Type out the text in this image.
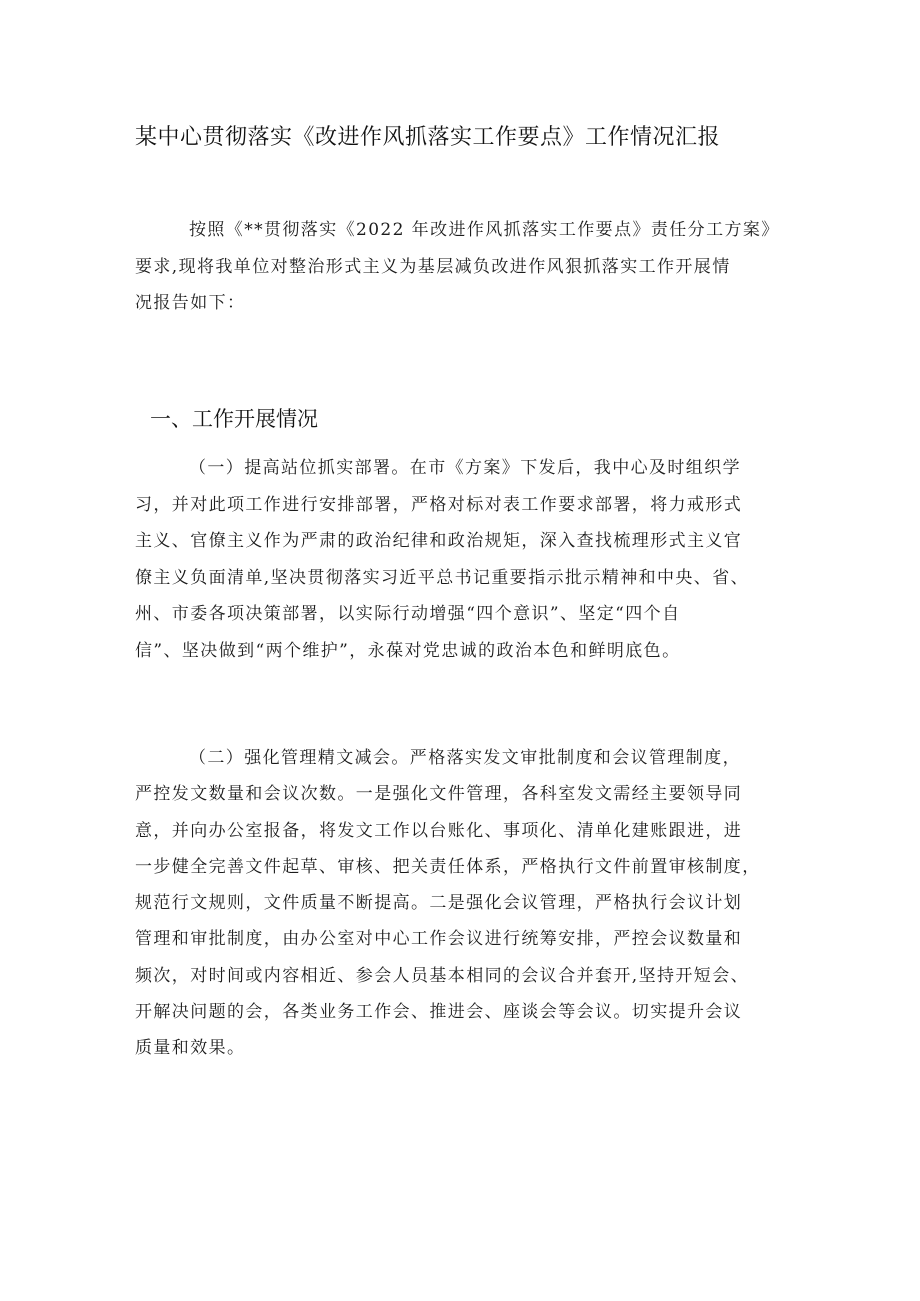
某中心贯彻落实《改进作风抓落实工作要点》工作情况汇报
按照《**贯彻落实《2022 年改进作风抓落实工作要点》责任分工方案》
要求,现将我单位对整治形式主义为基层减负改进作风狠抓落实工作开展情
况报告如下：
一、工作开展情况
（一）提高站位抓实部署。在市《方案》下发后，我中心及时组织学
习，并对此项工作进行安排部署，严格对标对表工作要求部署，将力戒形式
主义、官僚主义作为严肃的政治纪律和政治规矩，深入查找梳理形式主义官
僚主义负面清单,坚决贯彻落实习近平总书记重要指示批示精神和中央、省、
州、市委各项决策部署，以实际行动增强“四个意识”、坚定“四个自
信”、坚决做到“两个维护”，永葆对党忠诚的政治本色和鲜明底色。
（二）强化管理精文减会。严格落实发文审批制度和会议管理制度，
严控发文数量和会议次数。一是强化文件管理，各科室发文需经主要领导同
意，并向办公室报备，将发文工作以台账化、事项化、清单化建账跟进，进
一步健全完善文件起草、审核、把关责任体系，严格执行文件前置审核制度，
规范行文规则，文件质量不断提高。二是强化会议管理，严格执行会议计划
管理和审批制度，由办公室对中心工作会议进行统筹安排，严控会议数量和
频次，对时间或内容相近、参会人员基本相同的会议合并套开,坚持开短会、
开解决问题的会，各类业务工作会、推进会、座谈会等会议。切实提升会议
质量和效果。
